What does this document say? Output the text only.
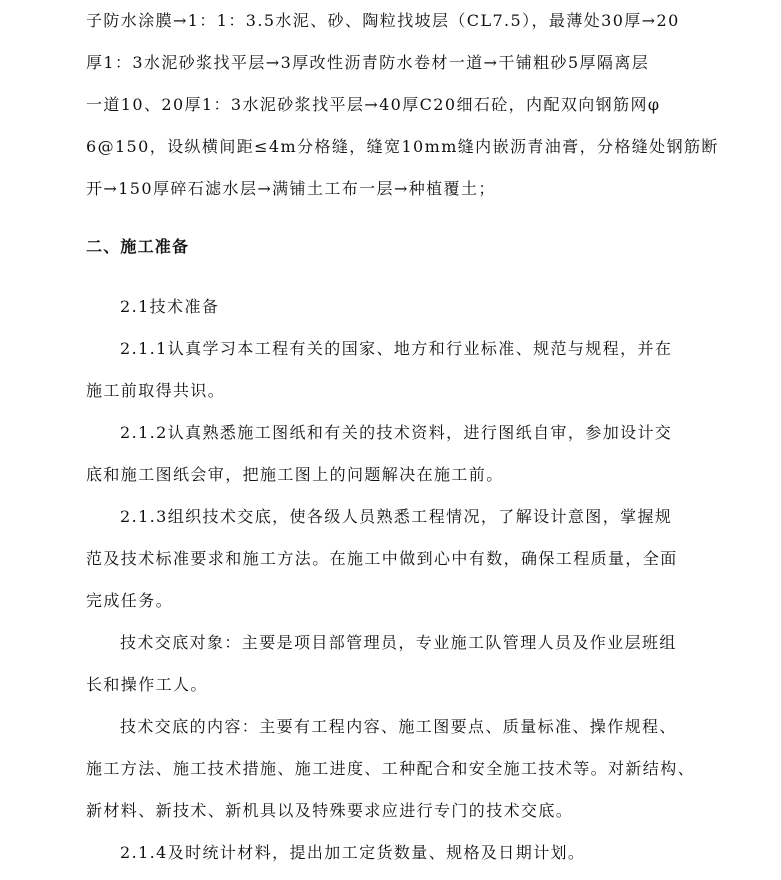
子防水涂膜→1：1：3.5水泥、砂、陶粒找坡层（CL7.5），最薄处30厚→20
厚1：3水泥砂浆找平层→3厚改性沥青防水卷材一道→干铺粗砂5厚隔离层
一道10、20厚1：3水泥砂浆找平层→40厚C20细石砼，内配双向钢筋网φ
6@150，设纵横间距≤4m分格缝，缝宽10mm缝内嵌沥青油膏，分格缝处钢筋断
开→150厚碎石滤水层→满铺土工布一层→种植覆土；
二、施工准备
2.1技术准备
2.1.1认真学习本工程有关的国家、地方和行业标准、规范与规程，并在
施工前取得共识。
2.1.2认真熟悉施工图纸和有关的技术资料，进行图纸自审，参加设计交
底和施工图纸会审，把施工图上的问题解决在施工前。
2.1.3组织技术交底，使各级人员熟悉工程情况，了解设计意图，掌握规
范及技术标准要求和施工方法。在施工中做到心中有数，确保工程质量，全面
完成任务。
技术交底对象：主要是项目部管理员，专业施工队管理人员及作业层班组
长和操作工人。
技术交底的内容：主要有工程内容、施工图要点、质量标准、操作规程、
施工方法、施工技术措施、施工进度、工种配合和安全施工技术等。对新结构、
新材料、新技术、新机具以及特殊要求应进行专门的技术交底。
2.1.4及时统计材料，提出加工定货数量、规格及日期计划。
